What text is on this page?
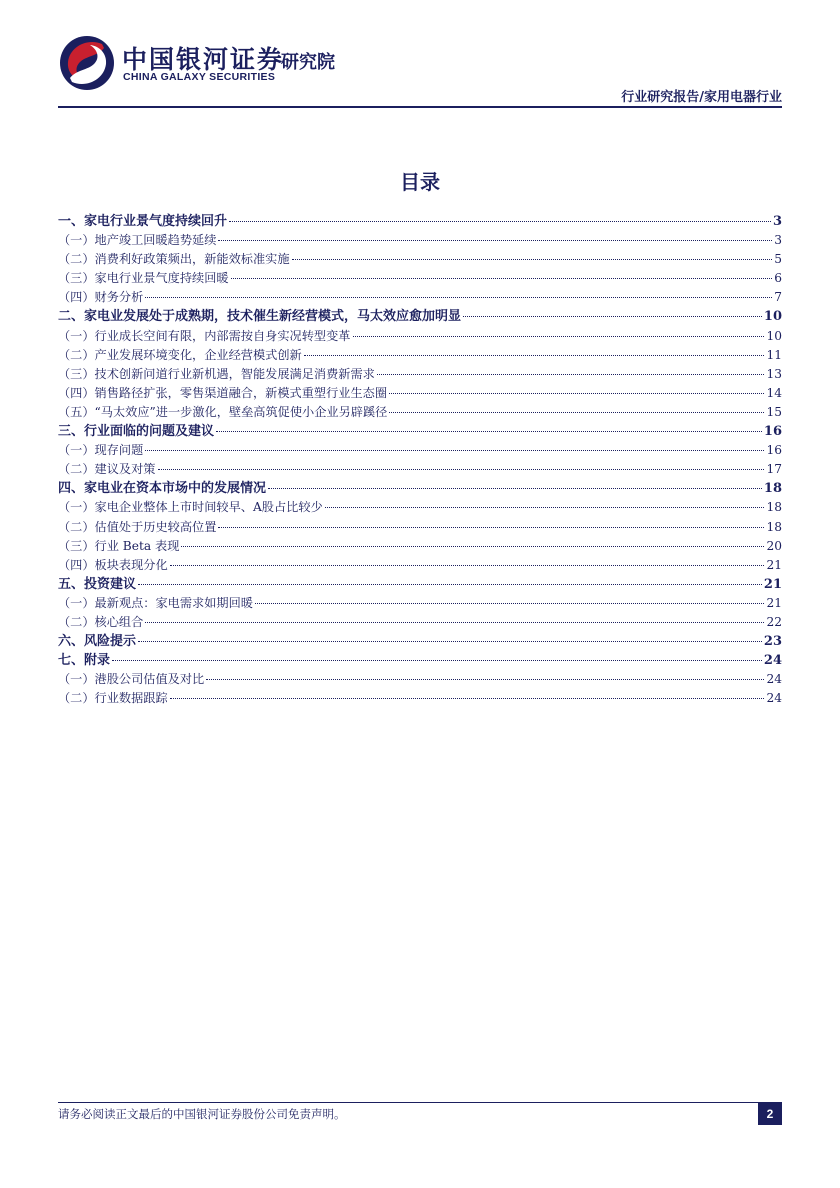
中国银河证券
CHINA GALAXY SECURITIES
研究院
行业研究报告/家用电器行业
目录
一、家电行业景气度持续回升	3
（一）地产竣工回暖趋势延续	3
（二）消费利好政策频出，新能效标准实施	5
（三）家电行业景气度持续回暖	6
（四）财务分析	7
二、家电业发展处于成熟期，技术催生新经营模式，马太效应愈加明显	10
（一）行业成长空间有限，内部需按自身实况转型变革	10
（二）产业发展环境变化，企业经营模式创新	11
（三）技术创新问道行业新机遇，智能发展满足消费新需求	13
（四）销售路径扩张，零售渠道融合，新模式重塑行业生态圈	14
（五）“马太效应”进一步激化，壁垒高筑促使小企业另辟蹊径	15
三、行业面临的问题及建议	16
（一）现存问题	16
（二）建议及对策	17
四、家电业在资本市场中的发展情况	18
（一）家电企业整体上市时间较早、A股占比较少	18
（二）估值处于历史较高位置	18
（三）行业 Beta 表现	20
（四）板块表现分化	21
五、投资建议	21
（一）最新观点：家电需求如期回暖	21
（二）核心组合	22
六、风险提示	23
七、附录	24
（一）港股公司估值及对比	24
（二）行业数据跟踪	24
请务必阅读正文最后的中国银河证券股份公司免责声明。	2
